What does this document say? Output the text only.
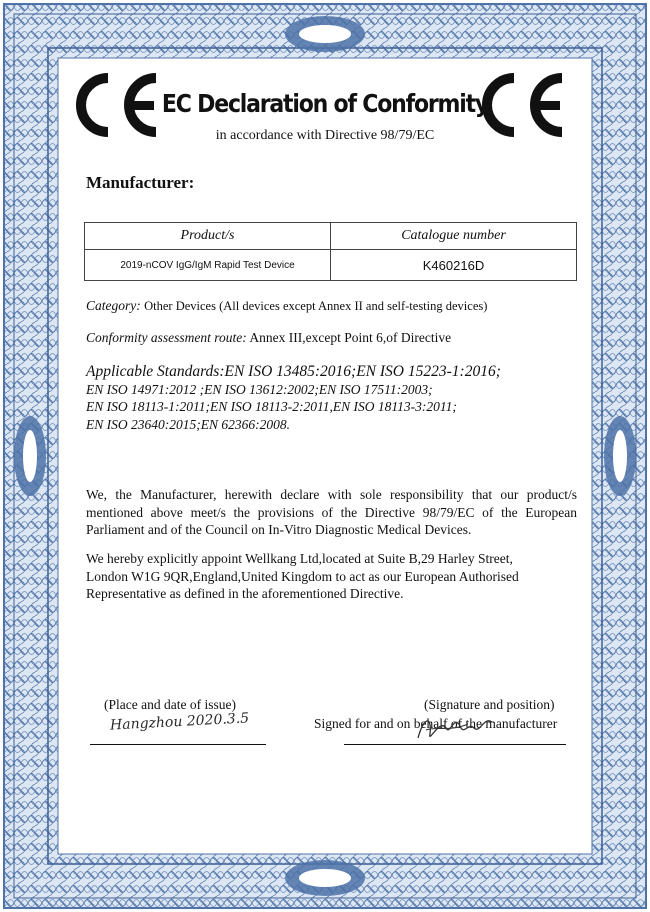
EC Declaration of Conformity
in accordance with Directive 98/79/EC
Manufacturer:
Product/s	Catalogue number
2019-nCOV IgG/IgM Rapid Test Device	K460216D
Category: Other Devices (All devices except Annex II and self-testing devices)
Conformity assessment route: Annex III,except Point 6,of Directive
Applicable Standards:EN ISO 13485:2016;EN ISO 15223-1:2016;
EN ISO 14971:2012 ;EN ISO 13612:2002;EN ISO 17511:2003;
EN ISO 18113-1:2011;EN ISO 18113-2:2011,EN ISO 18113-3:2011;
EN ISO 23640:2015;EN 62366:2008.
We, the Manufacturer, herewith declare with sole responsibility that our product/s mentioned above meet/s the provisions of the Directive 98/79/EC of the European Parliament and of the Council on In-Vitro Diagnostic Medical Devices.
We hereby explicitly appoint Wellkang Ltd,located at Suite B,29 Harley Street,
London W1G 9QR,England,United Kingdom to act as our European Authorised
Representative as defined in the aforementioned Directive.
(Place and date of issue)
Hangzhou 2020.3.5
(Signature and position)
Signed for and on behalf of the manufacturer
